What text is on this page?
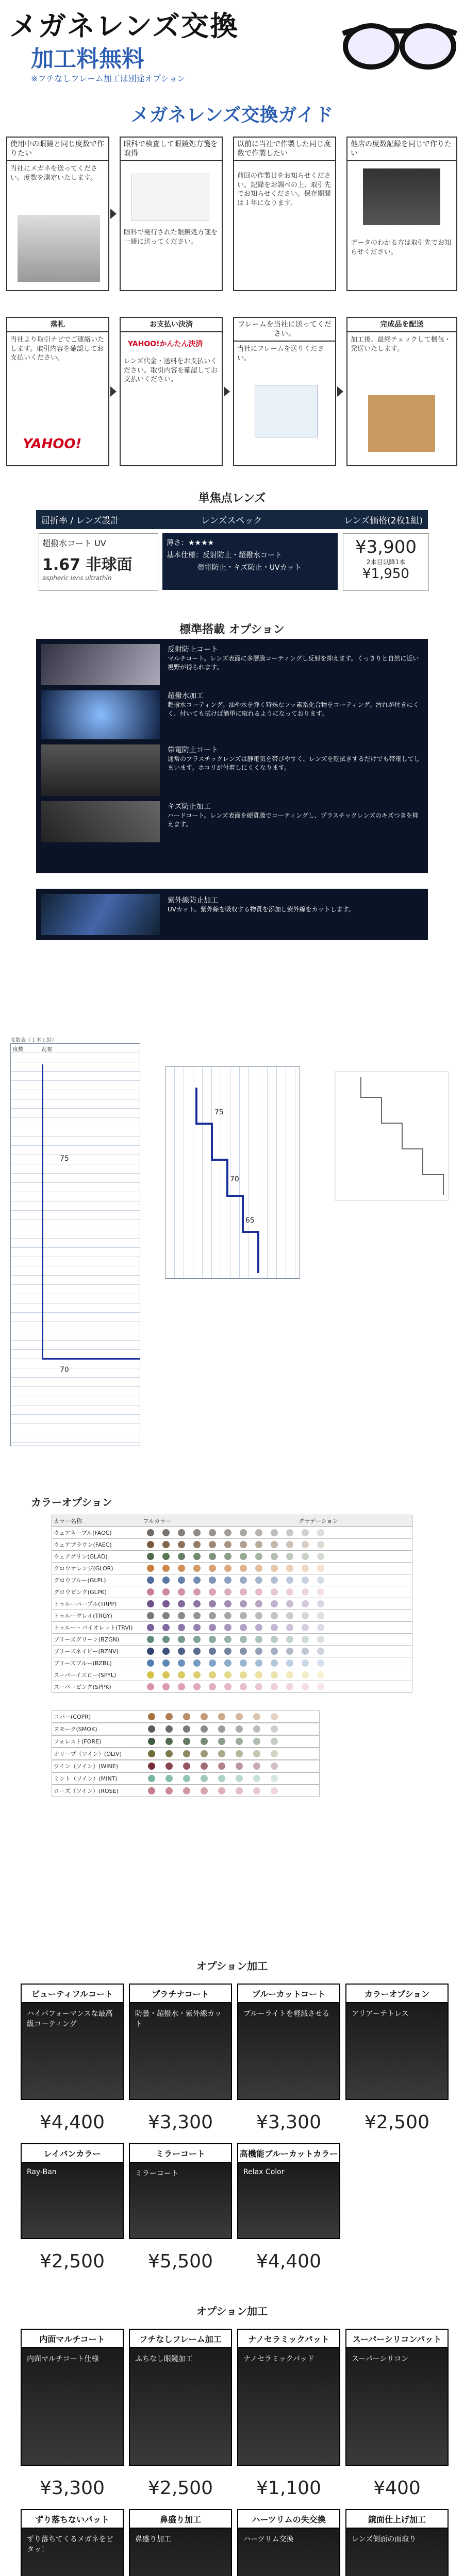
メガネレンズ交換
加工料無料
※フチなしフレーム加工は別途オプション
メガネレンズ交換ガイド
使用中の眼鏡と同じ度数で作りたい
当社にメガネを送ってください。度数を測定いたします。
眼科で検査して眼鏡処方箋を取得
眼科で発行された眼鏡処方箋を一緒に送ってください。
以前に当社で作製した同じ度数で作製したい
前回の作製日をお知らせください。記録をお調べの上、取引先でお知らせください。保存期間は１年になります。
他店の度数記録を同じで作りたい
データのわかる方は取引先でお知らせください。
落札
当社より取引ナビでご連絡いたします。取引内容を確認してお支払いください。
YAHOO!
お支払い決済
YAHOO!かんたん決済
レンズ代金・送料をお支払いください。取引内容を確認してお支払いください。
フレームを当社に送ってください。
当社にフレームを送りください。
完成品を配送
加工後、最終チェックして梱包・発送いたします。
単焦点レンズ
屈折率 / レンズ設計	レンズスペック	レンズ価格(2枚1組)
超撥水コート UV
1.67 非球面
aspheric lens ultrathin
薄さ：★★★★
基本仕様：反射防止・超撥水コート
帯電防止・キズ防止・UVカット
¥3,900
2本目以降1本
¥1,950
標準搭載 オプション
反射防止コート
マルチコート。レンズ表面に多層膜コーティングし反射を抑えます。くっきりと自然に近い視野が得られます。
超撥水加工
超撥水コーティング。油や水を弾く特殊なフッ素系化合物をコーティング。汚れが付きにくく、付いても拭けば簡単に取れるようになっております。
帯電防止コート
通常のプラスチックレンズは静電気を帯びやすく、レンズを乾拭きするだけでも帯電してしまいます。ホコリが付着しにくくなります。
キズ防止加工
ハードコート。レンズ表面を硬質膜でコーティングし、プラスチックレンズのキズつきを抑えます。
紫外線防止加工
UVカット。紫外線を吸収する物質を添加し紫外線をカットします。
度数表（１本１組）
度数	乱視
75
70
75
70
65
カラーオプション
カラー名称	フルカラー	グラデーション
ウェアネーブル(FAOC)
ウェアブラウン(FAEC)
ウェアグリン(GLAD)
グロウオレンジ(GLOR)
グロウブルー(GLPL)
グロウピンク(GLPK)
トゥルーパープル(TRPP)
トゥルーグレイ(TRGY)
トゥルー・バイオレット(TRVI)
ブリーズグリーン(BZGN)
ブリーズネイビー(BZNV)
ブリーズブルー(BZBL)
スーパーイエロー(SPYL)
スーパーピンク(SPPK)
コパー(COPR)
スモーク(SMOK)
フォレスト(FORE)
オリーブ（ソイン）(OLIV)
ワイン（ソイン）(WINE)
ミント（ソイン）(MINT)
ローズ（ソイン）(ROSE)
オプション加工
ビューティフルコート
ハイパフォーマンスな最高級コーティング
¥4,400
プラチナコート
防曇・超撥水・紫外線カット
¥3,300
ブルーカットコート
ブルーライトを軽減させる
¥3,300
カラーオプション
アリアーテトレス
¥2,500
レイバンカラー
Ray-Ban
¥2,500
ミラーコート
ミラーコート
¥5,500
高機能ブルーカットカラー
Relax Color
¥4,400
オプション加工
内面マルチコート
内面マルチコート仕様
¥3,300
フチなしフレーム加工
ふちなし眼鏡加工
¥2,500
ナノセラミックパット
ナノセラミックパッド
¥1,100
スーパーシリコンパット
スーパーシリコン
¥400
ずり落ちないパット
ずり落ちてくるメガネをピタッ！
鼻盛り加工
鼻盛り加工
ハーツリムの失交換
ハーツリム交換
鏡面仕上げ加工
レンズ側面の面取り
